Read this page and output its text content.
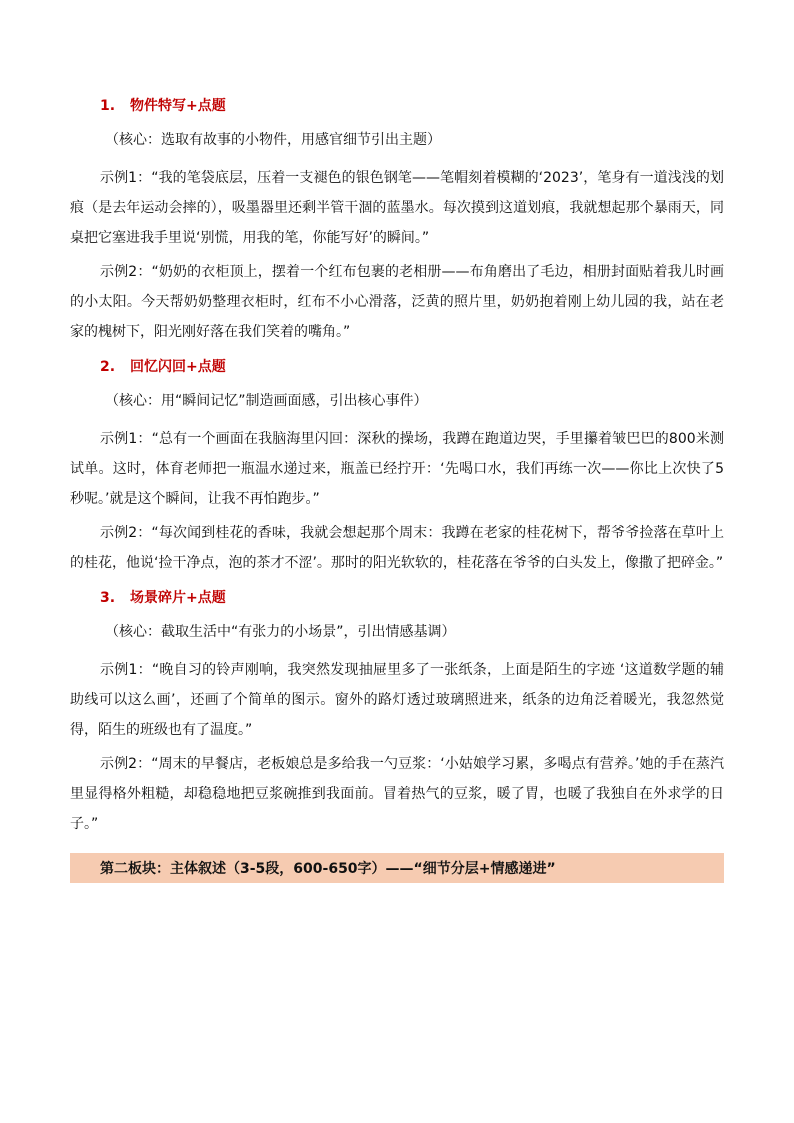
1.	物件特写+点题

（核心：选取有故事的小物件，用感官细节引出主题）

示例1：“我的笔袋底层，压着一支褪色的银色钢笔——笔帽刻着模糊的‘2023’，笔身有一道浅浅的划痕（是去年运动会摔的），吸墨器里还剩半管干涸的蓝墨水。每次摸到这道划痕，我就想起那个暴雨天，同桌把它塞进我手里说‘别慌，用我的笔，你能写好’的瞬间。”

示例2：“奶奶的衣柜顶上，摆着一个红布包裹的老相册——布角磨出了毛边，相册封面贴着我儿时画的小太阳。今天帮奶奶整理衣柜时，红布不小心滑落，泛黄的照片里，奶奶抱着刚上幼儿园的我，站在老家的槐树下，阳光刚好落在我们笑着的嘴角。”

2.	回忆闪回+点题

（核心：用“瞬间记忆”制造画面感，引出核心事件）

示例1：“总有一个画面在我脑海里闪回：深秋的操场，我蹲在跑道边哭，手里攥着皱巴巴的800米测试单。这时，体育老师把一瓶温水递过来，瓶盖已经拧开：‘先喝口水，我们再练一次——你比上次快了5秒呢。’就是这个瞬间，让我不再怕跑步。”

示例2：“每次闻到桂花的香味，我就会想起那个周末：我蹲在老家的桂花树下，帮爷爷捡落在草叶上的桂花，他说‘捡干净点，泡的茶才不涩’。那时的阳光软软的，桂花落在爷爷的白头发上，像撒了把碎金。”

3.	场景碎片+点题

（核心：截取生活中“有张力的小场景”，引出情感基调）

示例1：“晚自习的铃声刚响，我突然发现抽屉里多了一张纸条，上面是陌生的字迹 ‘这道数学题的辅助线可以这么画’，还画了个简单的图示。窗外的路灯透过玻璃照进来，纸条的边角泛着暖光，我忽然觉得，陌生的班级也有了温度。”

示例2：“周末的早餐店，老板娘总是多给我一勺豆浆：‘小姑娘学习累，多喝点有营养。’她的手在蒸汽里显得格外粗糙，却稳稳地把豆浆碗推到我面前。冒着热气的豆浆，暖了胃，也暖了我独自在外求学的日子。”

第二板块：主体叙述（3-5段，600-650字）——“细节分层+情感递进”
